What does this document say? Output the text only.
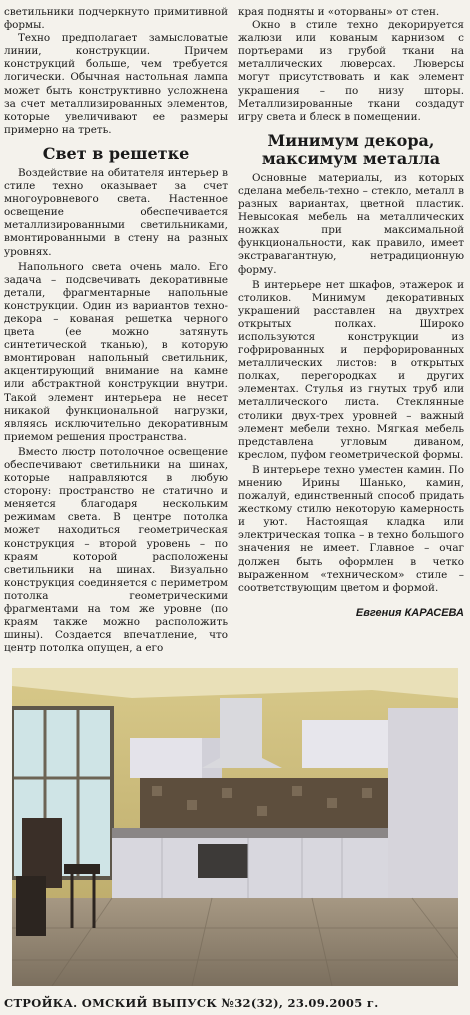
светильники подчеркнуто примитивной формы.

Техно предполагает замысловатые линии, конструкции. Причем конструкций больше, чем требуется логически. Обычная настольная лампа может быть конструктивно усложнена за счет металлизированных элементов, которые увеличивают ее размеры примерно на треть.

Свет в решетке

Воздействие на обитателя интерьер в стиле техно оказывает за счет многоуровневого света. Настенное освещение обеспечивается металлизированными светильниками, вмонтированными в стену на разных уровнях.

Напольного света очень мало. Его задача – подсвечивать декоративные детали, фрагментарные напольные конструкции. Один из вариантов техно-декора – кованая решетка черного цвета (ее можно затянуть синтетической тканью), в которую вмонтирован напольный светильник, акцентирующий внимание на камне или абстрактной конструкции внутри. Такой элемент интерьера не несет никакой функциональной нагрузки, являясь исключительно декоративным приемом решения пространства.

Вместо люстр потолочное освещение обеспечивают светильники на шинах, которые направляются в любую сторону: пространство не статично и меняется благодаря нескольким режимам света. В центре потолка может находиться геометрическая конструкция – второй уровень – по краям которой расположены светильники на шинах. Визуально конструкция соединяется с периметром потолка геометрическими фрагментами на том же уровне (по краям также можно расположить шины). Создается впечатление, что центр потолка опущен, а его

края подняты и «оторваны» от стен.

Окно в стиле техно декорируется жалюзи или кованым карнизом с портьерами из грубой ткани на металлических люверсах. Люверсы могут присутствовать и как элемент украшения – по низу шторы. Металлизированные ткани создадут игру света и блеск в помещении.

Минимум декора,
максимум металла

Основные материалы, из которых сделана мебель-техно – стекло, металл в разных вариантах, цветной пластик. Невысокая мебель на металлических ножках при максимальной функциональности, как правило, имеет экстравагантную, нетрадиционную форму.

В интерьере нет шкафов, этажерок и столиков. Минимум декоративных украшений расставлен на двухтрех открытых полках. Широко используются конструкции из гофрированных и перфорированных металлических листов: в открытых полках, перегородках и других элементах. Стулья из гнутых труб или металлического листа. Стеклянные столики двух-трех уровней – важный элемент мебели техно. Мягкая мебель представлена угловым диваном, креслом, пуфом геометрической формы.

В интерьере техно уместен камин. По мнению Ирины Шанько, камин, пожалуй, единственный способ придать жесткому стилю некоторую камерность и уют. Настоящая кладка или электрическая топка – в техно большого значения не имеет. Главное – очаг должен быть оформлен в четко выраженном «техническом» стиле – соответствующим цветом и формой.

Евгения КАРАСЕВА
СТРОЙКА. ОМСКИЙ ВЫПУСК №32(32), 23.09.2005 г.
